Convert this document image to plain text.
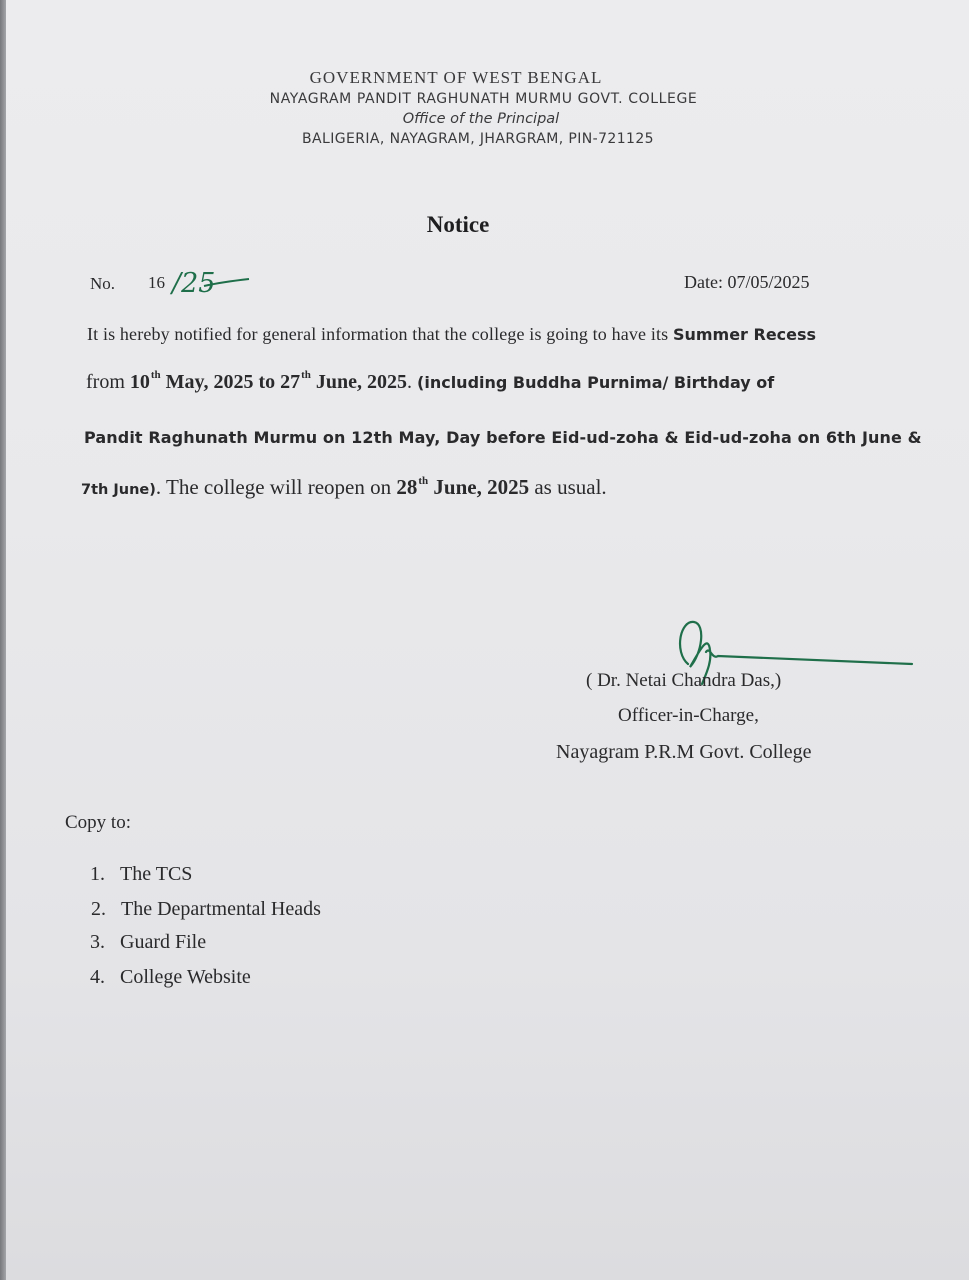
GOVERNMENT OF WEST BENGAL
NAYAGRAM PANDIT RAGHUNATH MURMU GOVT. COLLEGE
Office of the Principal
BALIGERIA, NAYAGRAM, JHARGRAM, PIN-721125
Notice
No. 16 /25	Date: 07/05/2025
It is hereby notified for general information that the college is going to have its Summer Recess
from 10th May, 2025 to 27th June, 2025. (including Buddha Purnima/ Birthday of
Pandit Raghunath Murmu on 12th May, Day before Eid-ud-zoha & Eid-ud-zoha on 6th June &
7th June). The college will reopen on 28th June, 2025 as usual.
( Dr. Netai Chandra Das,)
Officer-in-Charge,
Nayagram P.R.M Govt. College
Copy to:
1. The TCS
2. The Departmental Heads
3. Guard File
4. College Website
